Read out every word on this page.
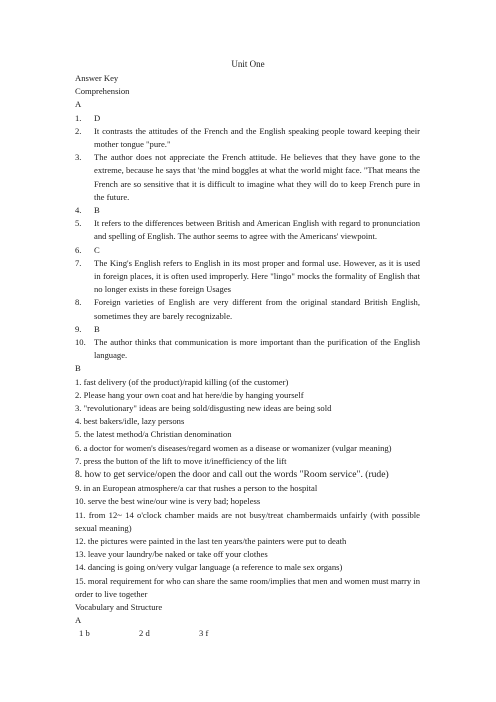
Unit One
Answer Key
Comprehension
A
1.	D
2.	It contrasts the attitudes of the French and the English speaking people toward keeping their mother tongue "pure."
3.	The author does not appreciate the French attitude. He believes that they have gone to the extreme, because he says that 'the mind boggles at what the world might face. "That means the French are so sensitive that it is difficult to imagine what they will do to keep French pure in the future.
4.	B
5.	It refers to the differences between British and American English with regard to pronunciation and spelling of English. The author seems to agree with the Americans' viewpoint.
6.	C
7.	The King's English refers to English in its most proper and formal use. However, as it is used in foreign places, it is often used improperly. Here "lingo" mocks the formality of English that no longer exists in these foreign Usages
8.	Foreign varieties of English are very different from the original standard British English, sometimes they are barely recognizable.
9.	B
10. The author thinks that communication is more important than the purification of the English language.
B
1. fast delivery (of the product)/rapid killing (of the customer)
2. Please hang your own coat and hat here/die by hanging yourself
3. "revolutionary" ideas are being sold/disgusting new ideas are being sold
4. best bakers/idle, lazy persons
5. the latest method/a Christian denomination
6. a doctor for women's diseases/regard women as a disease or womanizer (vulgar meaning)
7. press the button of the lift to move it/inefficiency of the lift
8. how to get service/open the door and call out the words "Room service". (rude)
9. in an European atmosphere/a car that rushes a person to the hospital
10. serve the best wine/our wine is very bad; hopeless
11. from 12~ 14 o'clock chamber maids are not busy/treat chambermaids unfairly (with possible sexual meaning)
12. the pictures were painted in the last ten years/the painters were put to death
13. leave your laundry/be naked or take off your clothes
14. dancing is going on/very vulgar language (a reference to male sex organs)
15. moral requirement for who can share the same room/implies that men and women must marry in order to live together
Vocabulary and Structure
A
1 b	2 d	3 f
